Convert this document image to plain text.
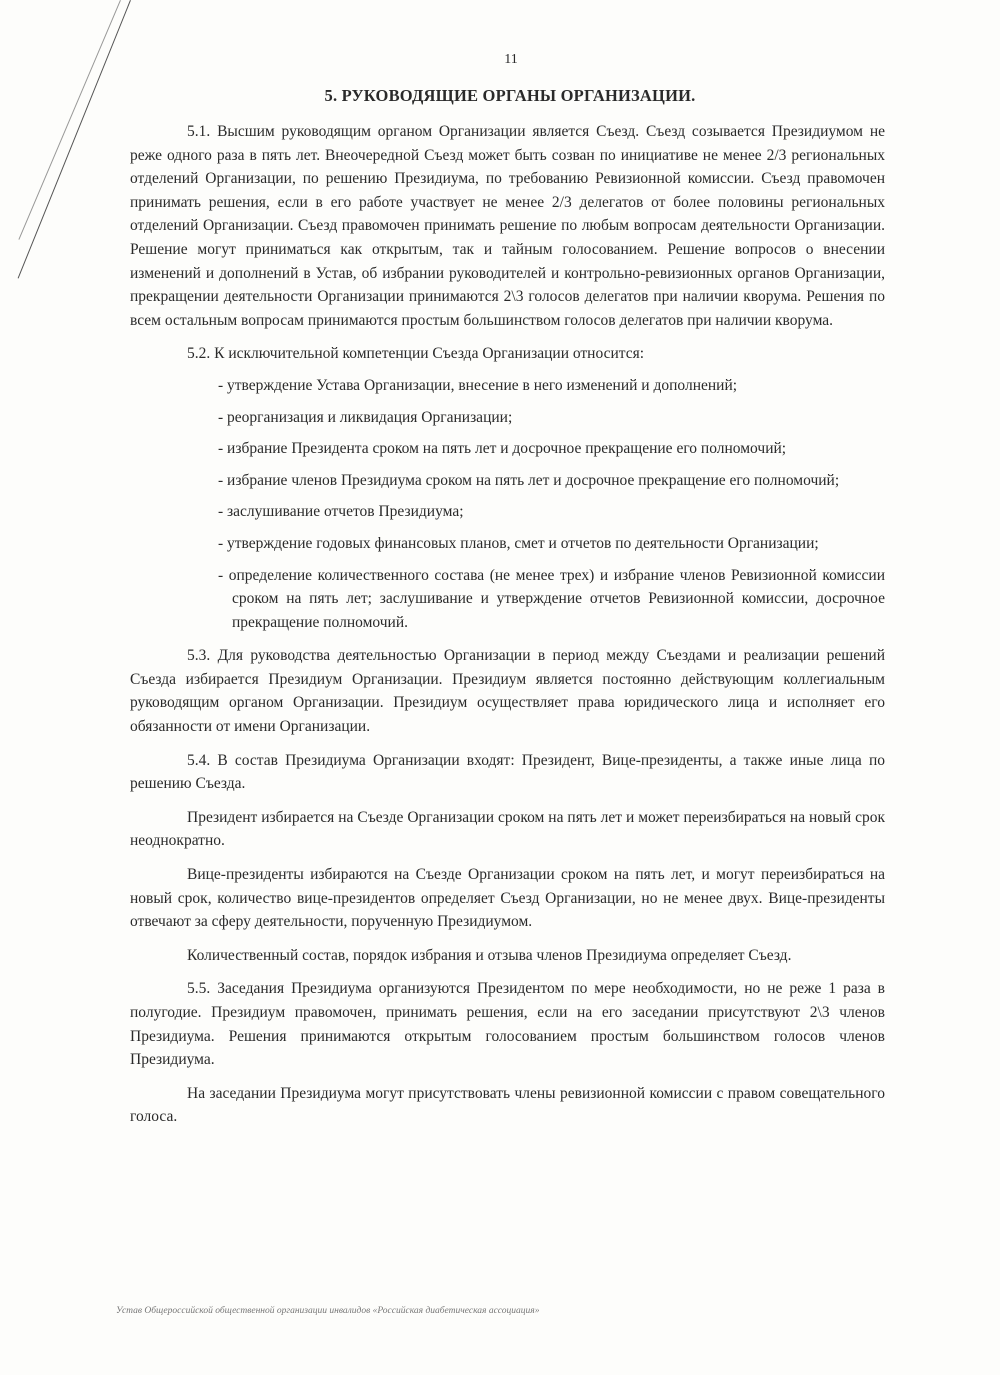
11
5. РУКОВОДЯЩИЕ ОРГАНЫ ОРГАНИЗАЦИИ.

5.1. Высшим руководящим органом Организации является Съезд. Съезд созывается Президиумом не реже одного раза в пять лет. Внеочередной Съезд может быть созван по инициативе не менее 2/3 региональных отделений Организации, по решению Президиума, по требованию Ревизионной комиссии. Съезд правомочен принимать решения, если в его работе участвует не менее 2/3 делегатов от более половины региональных отделений Организации. Съезд правомочен принимать решение по любым вопросам деятельности Организации. Решение могут приниматься как открытым, так и тайным голосованием. Решение вопросов о внесении изменений и дополнений в Устав, об избрании руководителей и контрольно-ревизионных органов Организации, прекращении деятельности Организации принимаются 2\3 голосов делегатов при наличии кворума. Решения по всем остальным вопросам принимаются простым большинством голосов делегатов при наличии кворума.

5.2. К исключительной компетенции Съезда Организации относится:

- утверждение Устава Организации, внесение в него изменений и дополнений;
- реорганизация и ликвидация Организации;
- избрание Президента сроком на пять лет и досрочное прекращение его полномочий;
- избрание членов Президиума сроком на пять лет и досрочное прекращение его полномочий;
- заслушивание отчетов Президиума;
- утверждение годовых финансовых планов, смет и отчетов по деятельности Организации;
- определение количественного состава (не менее трех) и избрание членов Ревизионной комиссии сроком на пять лет; заслушивание и утверждение отчетов Ревизионной комиссии, досрочное прекращение полномочий.

5.3. Для руководства деятельностью Организации в период между Съездами и реализации решений Съезда избирается Президиум Организации. Президиум является постоянно действующим коллегиальным руководящим органом Организации. Президиум осуществляет права юридического лица и исполняет его обязанности от имени Организации.

5.4. В состав Президиума Организации входят: Президент, Вице-президенты, а также иные лица по решению Съезда.

Президент избирается на Съезде Организации сроком на пять лет и может переизбираться на новый срок неоднократно.

Вице-президенты избираются на Съезде Организации сроком на пять лет, и могут переизбираться на новый срок, количество вице-президентов определяет Съезд Организации, но не менее двух. Вице-президенты отвечают за сферу деятельности, порученную Президиумом.

Количественный состав, порядок избрания и отзыва членов Президиума определяет Съезд.

5.5. Заседания Президиума организуются Президентом по мере необходимости, но не реже 1 раза в полугодие. Президиум правомочен, принимать решения, если на его заседании присутствуют 2\3 членов Президиума. Решения принимаются открытым голосованием простым большинством голосов членов Президиума.

На заседании Президиума могут присутствовать члены ревизионной комиссии с правом совещательного голоса.

Устав Общероссийской общественной организации инвалидов «Российская диабетическая ассоциация»
